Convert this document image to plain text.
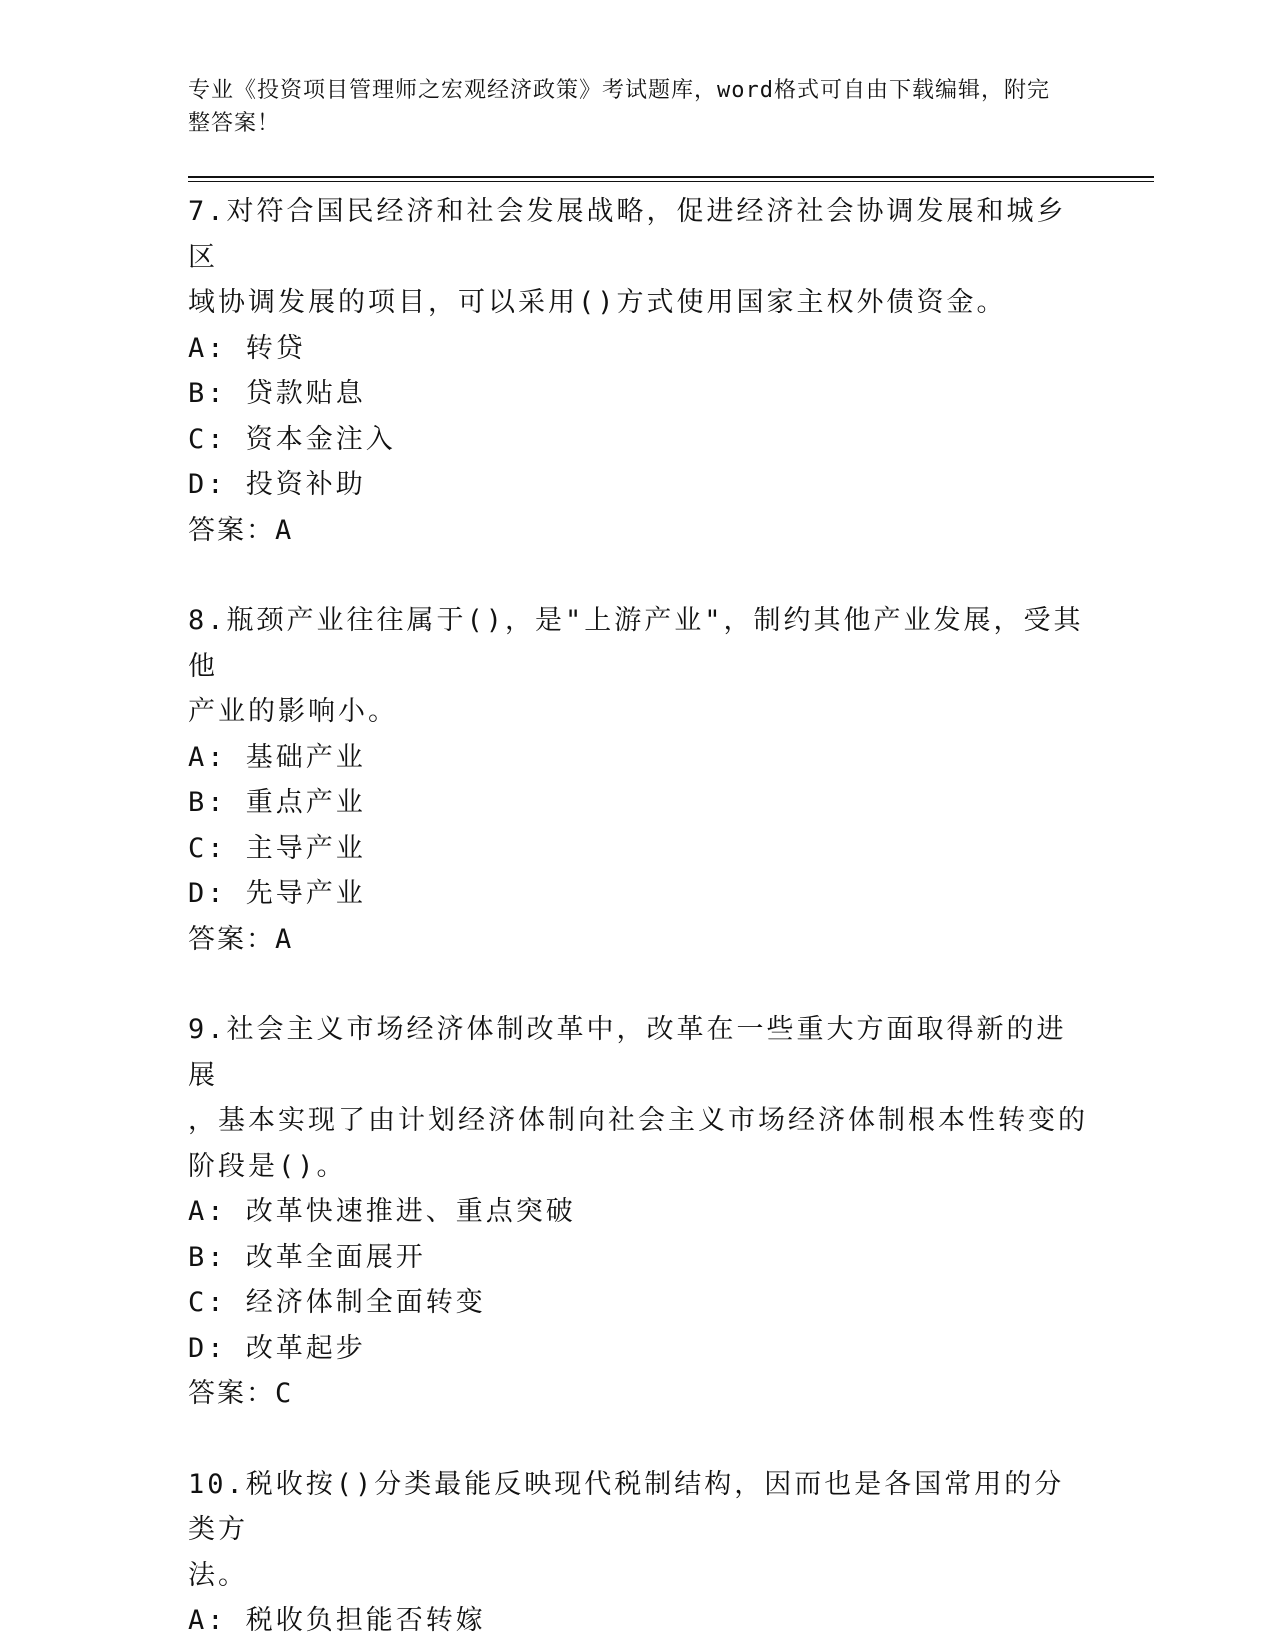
专业《投资项目管理师之宏观经济政策》考试题库，word格式可自由下载编辑，附完整答案！
7.对符合国民经济和社会发展战略，促进经济社会协调发展和城乡区
域协调发展的项目，可以采用()方式使用国家主权外债资金。
A: 转贷
B: 贷款贴息
C: 资本金注入
D: 投资补助
答案：A
8.瓶颈产业往往属于()，是"上游产业"，制约其他产业发展，受其他
产业的影响小。
A: 基础产业
B: 重点产业
C: 主导产业
D: 先导产业
答案：A
9.社会主义市场经济体制改革中，改革在一些重大方面取得新的进展
，基本实现了由计划经济体制向社会主义市场经济体制根本性转变的
阶段是()。
A: 改革快速推进、重点突破
B: 改革全面展开
C: 经济体制全面转变
D: 改革起步
答案：C
10.税收按()分类最能反映现代税制结构，因而也是各国常用的分类方
法。
A: 税收负担能否转嫁
